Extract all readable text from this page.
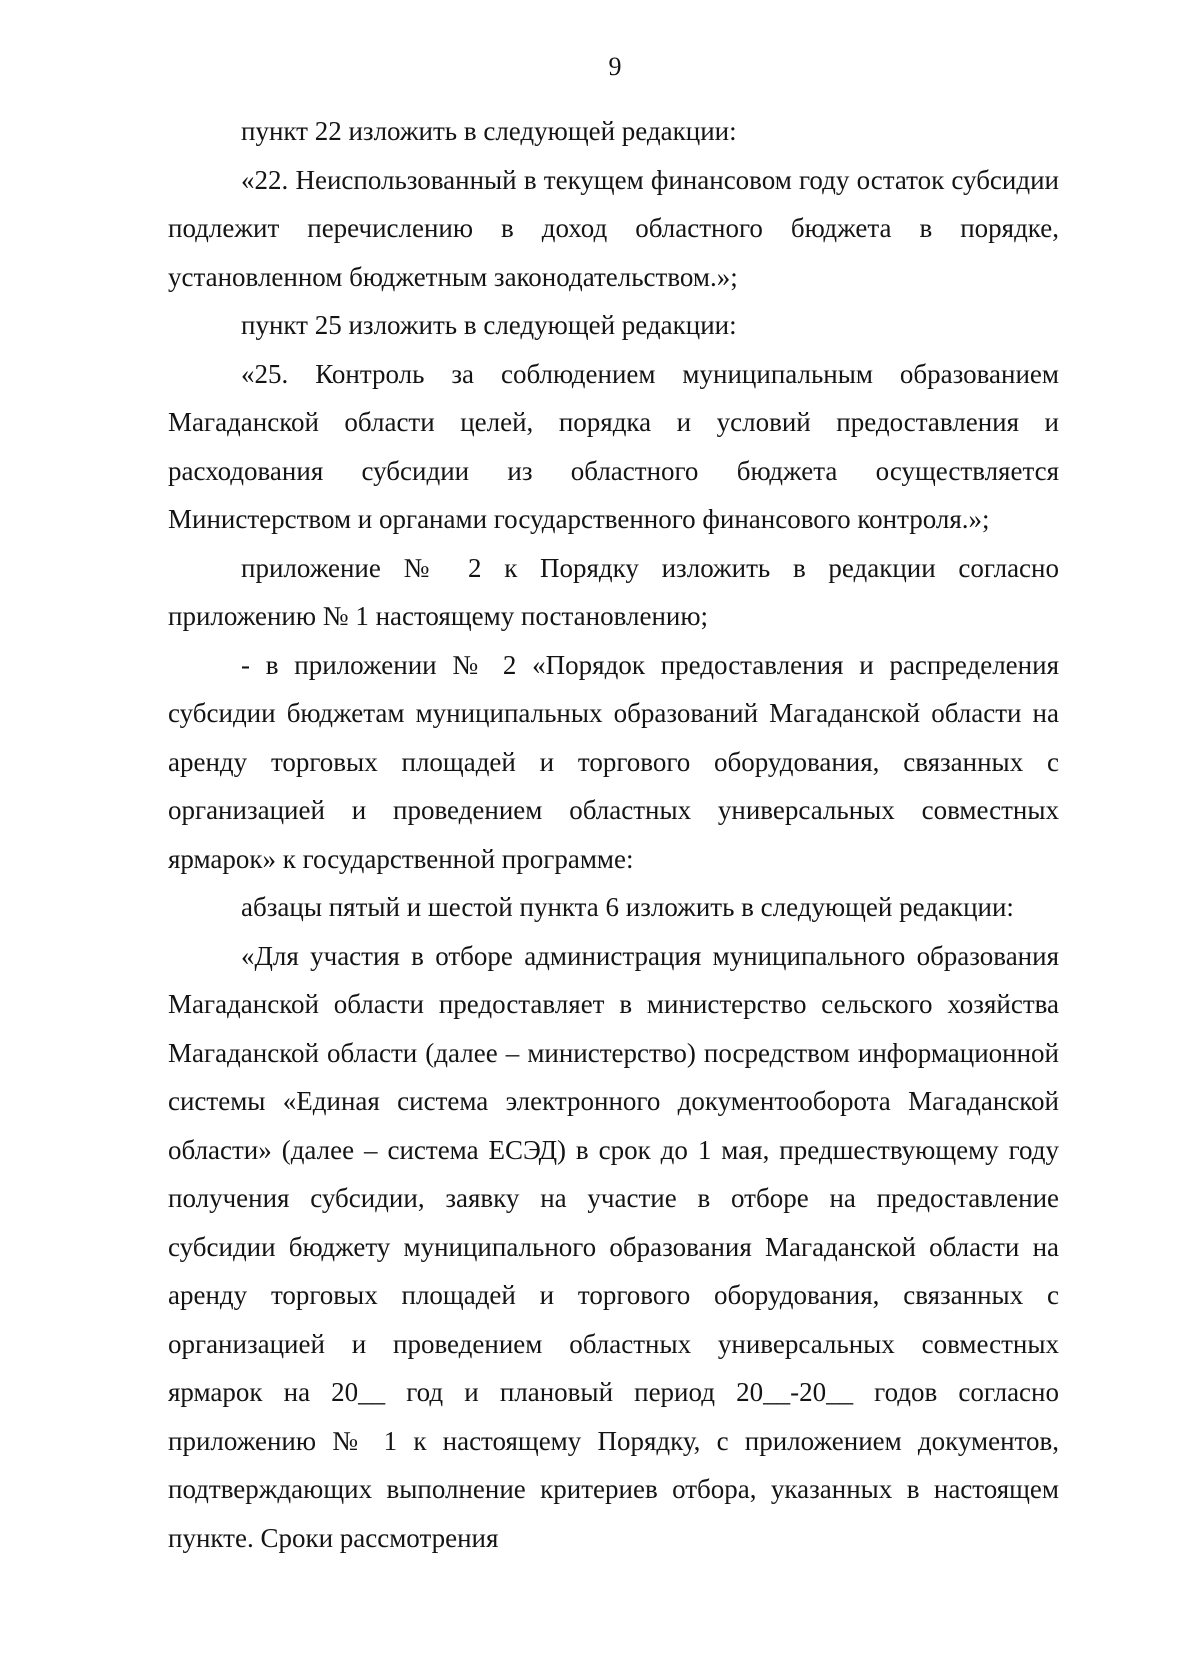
9

пункт 22 изложить в следующей редакции:

«22. Неиспользованный в текущем финансовом году остаток субсидии подлежит перечислению в доход областного бюджета в порядке, установленном бюджетным законодательством.»;

пункт 25 изложить в следующей редакции:

«25. Контроль за соблюдением муниципальным образованием Магаданской области целей, порядка и условий предоставления и расходования субсидии из областного бюджета осуществляется Министерством и органами государственного финансового контроля.»;

приложение № 2 к Порядку изложить в редакции согласно приложению № 1 настоящему постановлению;

- в приложении № 2 «Порядок предоставления и распределения субсидии бюджетам муниципальных образований Магаданской области на аренду торговых площадей и торгового оборудования, связанных с организацией и проведением областных универсальных совместных ярмарок» к государственной программе:

абзацы пятый и шестой пункта 6 изложить в следующей редакции:

«Для участия в отборе администрация муниципального образования Магаданской области предоставляет в министерство сельского хозяйства Магаданской области (далее – министерство) посредством информационной системы «Единая система электронного документооборота Магаданской области» (далее – система ЕСЭД) в срок до 1 мая, предшествующему году получения субсидии, заявку на участие в отборе на предоставление субсидии бюджету муниципального образования Магаданской области на аренду торговых площадей и торгового оборудования, связанных с организацией и проведением областных универсальных совместных ярмарок на 20__ год и плановый период 20__-20__ годов согласно приложению № 1 к настоящему Порядку, с приложением документов, подтверждающих выполнение критериев отбора, указанных в настоящем пункте. Сроки рассмотрения
